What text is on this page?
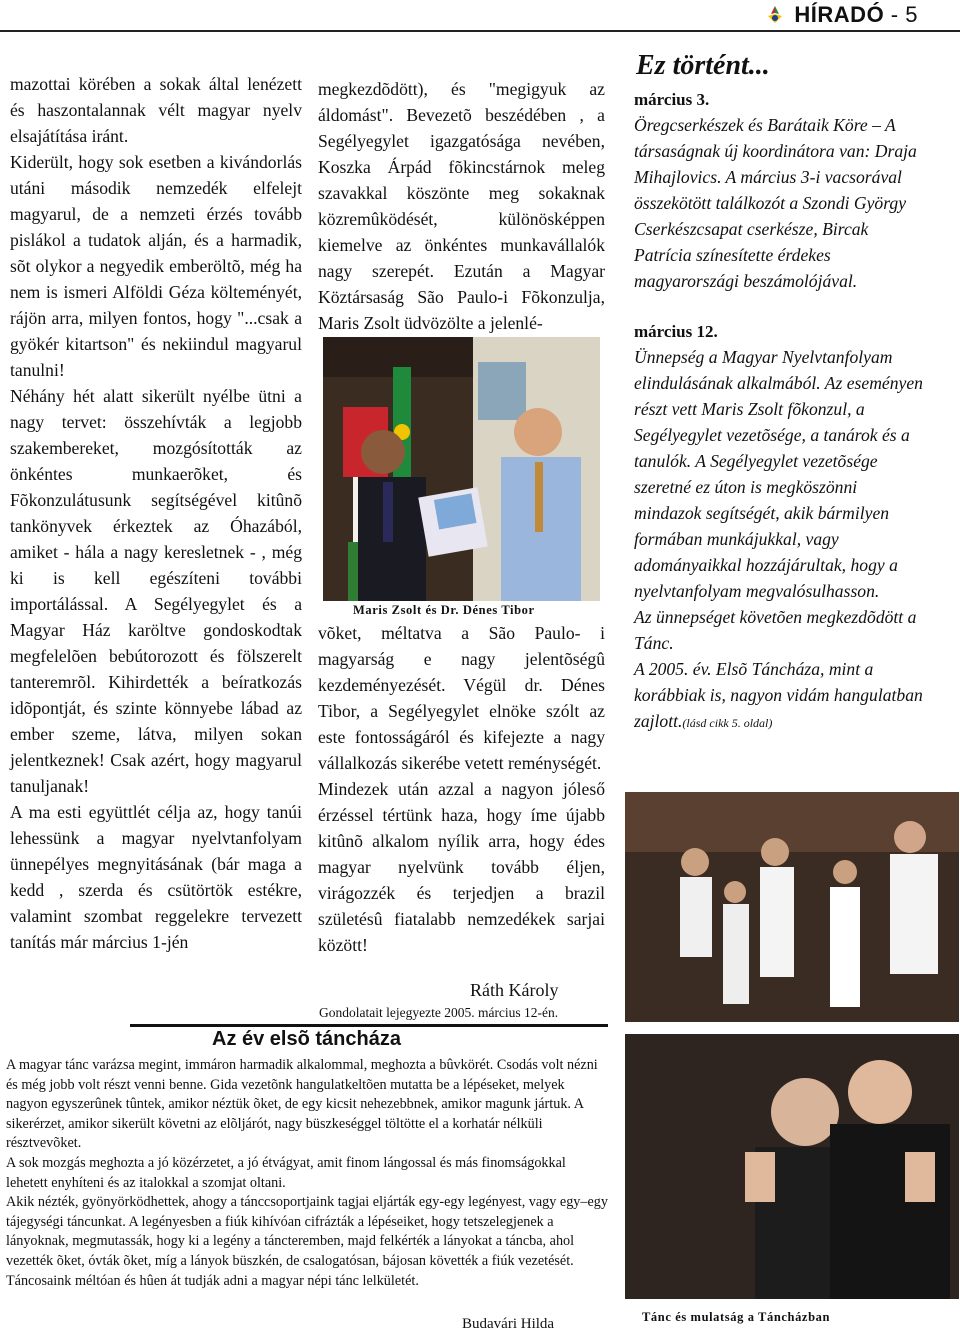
HÍRADÓ - 5

mazottai körében a sokak által lenézett és haszontalannak vélt magyar nyelv elsajátítása iránt.

Kiderült, hogy sok esetben a kivándorlás utáni második nemzedék elfelejt magyarul, de a nemzeti érzés tovább pislákol a tudatok alján, és a harmadik, sõt olykor a negyedik emberöltõ, még ha nem is ismeri Alföldi Géza költeményét, rájön arra, milyen fontos, hogy "...csak a gyökér kitartson" és nekiindul magyarul tanulni!

Néhány hét alatt sikerült nyélbe ütni a nagy tervet: összehívták a legjobb szakembereket, mozgósították az önkéntes munkaerõket, és Fõkonzulátusunk segítségével kitûnõ tankönyvek érkeztek az Óhazából, amiket - hála a nagy keresletnek - , még ki is kell egészíteni további importálással. A Segélyegylet és a Magyar Ház karöltve gondoskodtak megfelelõen bebútorozott és fölszerelt tanteremrõl. Kihirdették a beíratkozás idõpontját, és szinte könnyebe lábad az ember szeme, látva, milyen sokan jelentkeznek! Csak azért, hogy magyarul tanuljanak!

A ma esti együttlét célja az, hogy tanúi lehessünk a magyar nyelvtanfolyam ünnepélyes megnyitásának (bár maga a kedd , szerda és csütörtök estékre, valamint szombat reggelekre tervezett tanítás már március 1-jén

megkezdõdött), és "megigyuk az áldomást". Bevezetõ beszédében , a Segélyegylet igazgatósága nevében, Koszka Árpád fõkincstárnok meleg szavakkal köszönte meg sokaknak közremûködését, különösképpen kiemelve az önkéntes munkavállalók nagy szerepét. Ezután a Magyar Köztársaság São Paulo-i Fõkonzulja, Maris Zsolt üdvözölte a jelenlé-

Maris Zsolt és Dr. Dénes Tibor

võket, méltatva a São Paulo- i magyarság e nagy jelentõségû kezdeményezését. Végül dr. Dénes Tibor, a Segélyegylet elnöke szólt az este fontosságáról és kifejezte a nagy vállalkozás sikerébe vetett reménységét.

Mindezek után azzal a nagyon jóleső érzéssel tértünk haza, hogy íme újabb kitûnõ alkalom nyílik arra, hogy édes magyar nyelvünk tovább éljen, virágozzék és terjedjen a brazil születésû fiatalabb nemzedékek sarjai között!

Ráth Károly
Gondolatait lejegyezte 2005. március 12-én.
Ez történt...

március 3.

Öregcserkészek és Barátaik Köre – A társaságnak új koordinátora van: Draja Mihajlovics. A március 3-i vacsorával összekötött találkozót a Szondi György Cserkészcsapat cserkésze, Bircak Patrícia színesítette érdekes magyarországi beszámolójával.

március 12.

Ünnepség a Magyar Nyelvtanfolyam elindulásának alkalmából. Az eseményen részt vett Maris Zsolt fõkonzul, a Segélyegylet vezetõsége, a tanárok és a tanulók. A Segélyegylet vezetõsége szeretné ez úton is megköszönni mindazok segítségét, akik bármilyen formában munkájukkal, vagy adományaikkal hozzájárultak, hogy a nyelvtanfolyam megvalósulhasson.

Az ünnepséget követõen megkezdõdött a Tánc.

A 2005. év. Elsõ Táncháza, mint a korábbiak is, nagyon vidám hangulatban zajlott.(lásd cikk 5. oldal)

Tánc és mulatság a Táncházban
Az év elsõ táncháza

A magyar tánc varázsa megint, immáron harmadik alkalommal, meghozta a bûvkörét. Csodás volt nézni és még jobb volt részt venni benne. Gida vezetõnk hangulatkeltõen mutatta be a lépéseket, melyek nagyon egyszerûnek tûntek, amikor néztük õket, de egy kicsit nehezebbnek, amikor magunk jártuk. A sikerérzet, amikor sikerült követni az elõljárót, nagy büszkeséggel töltötte el a korhatár nélküli résztvevõket.

A sok mozgás meghozta a jó közérzetet, a jó étvágyat, amit finom lángossal és más finomságokkal lehetett enyhíteni és az italokkal a szomjat oltani.

Akik nézték, gyönyörködhettek, ahogy a tánccsoportjaink tagjai eljárták egy-egy legényest, vagy egy–egy tájegységi táncunkat. A legényesben a fiúk kihívóan cifrázták a lépéseiket, hogy tetszelegjenek a lányoknak, megmutassák, hogy ki a legény a táncteremben, majd felkérték a lányokat a táncba, ahol vezették õket, óvták õket, míg a lányok büszkén, de csalogatósan, bájosan követték a fiúk vezetését.

Táncosaink méltóan és hûen át tudják adni a magyar népi tánc lelkületét.

Budavári Hilda
